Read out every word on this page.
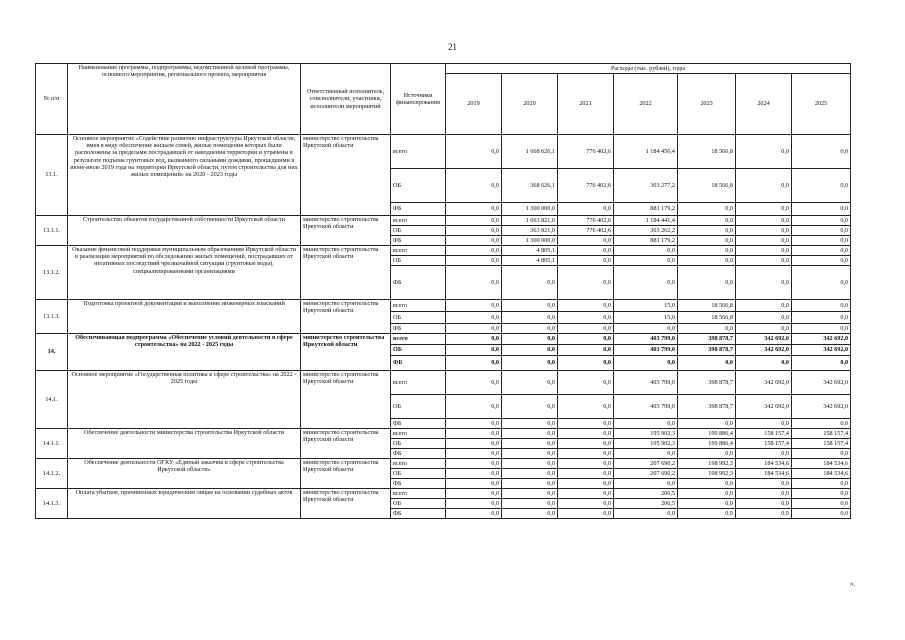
21
№ п/п	Наименование программы, подпрограммы, ведомственной целевой программы, основного мероприятия, регионального проекта, мероприятия	Ответственный исполнитель, соисполнители, участники, исполнители мероприятий	Источники финансирования	Расходы (тыс. рублей), годы						
				2019	2020	2021	2022	2023	2024	2025
13.1.	Основное мероприятие «Содействие развитию инфраструктуры Иркутской области, имея в виду обеспечение жильем семей, жилые помещения которых были расположены за пределами пострадавшей от наводнения территории и утрачены в результате подъема грунтовых вод, вызванного сильными дождями, прошедшими в июне-июле 2019 года на территории Иркутской области, путем строительства для них жилых помещений» на 2020 - 2023 годы	министерство строительства Иркутской области	всего	0,0	1 668 626,1	776 402,6	1 184 456,4	18 566,8	0,0	0,0
			ОБ	0,0	368 626,1	776 402,6	303 277,2	18 566,8	0,0	0,0
			ФБ	0,0	1 300 000,0	0,0	881 179,2	0,0	0,0	0,0
13.1.1.	Строительство объектов государственной собственности Иркутской области	министерство строительства Иркутской области	всего	0,0	1 663 821,0	776 402,6	1 184 441,4	0,0	0,0	0,0
			ОБ	0,0	363 821,0	776 402,6	303 262,2	0,0	0,0	0,0
			ФБ	0,0	1 300 000,0	0,0	881 179,2	0,0	0,0	0,0
13.1.2.	Оказание финансовой поддержки муниципальным образованиям Иркутской области в реализации мероприятий по обследованию жилых помещений, пострадавших от негативных последствий чрезвычайной ситуации (грунтовые воды), специализированными организациями	министерство строительства Иркутской области	всего	0,0	4 805,1	0,0	0,0	0,0	0,0	0,0
			ОБ	0,0	4 805,1	0,0	0,0	0,0	0,0	0,0
			ФБ	0,0	0,0	0,0	0,0	0,0	0,0	0,0
13.1.3.	Подготовка проектной документации и выполнение инженерных изысканий	министерство строительства Иркутской области	всего	0,0	0,0	0,0	15,0	18 566,8	0,0	0,0
			ОБ	0,0	0,0	0,0	15,0	18 566,8	0,0	0,0
			ФБ	0,0	0,0	0,0	0,0	0,0	0,0	0,0
14.	Обеспечивающая подпрограмма «Обеспечение условий деятельности в сфере строительства» на 2022 - 2025 годы	министерство строительства Иркутской области	всего	0,0	0,0	0,0	403 799,0	398 878,7	342 692,0	342 692,0
			ОБ	0,0	0,0	0,0	403 799,0	398 878,7	342 692,0	342 692,0
			ФБ	0,0	0,0	0,0	0,0	0,0	0,0	0,0
14.1.	Основное мероприятие «Государственная политика в сфере строительства» на 2022 - 2025 годы	министерство строительства Иркутской области	всего	0,0	0,0	0,0	403 799,0	398 878,7	342 692,0	342 692,0
			ОБ	0,0	0,0	0,0	403 799,0	398 878,7	342 692,0	342 692,0
			ФБ	0,0	0,0	0,0	0,0	0,0	0,0	0,0
14.1.1.	Обеспечение деятельности министерства строительства Иркутской области	министерство строительства Иркутской области	всего	0,0	0,0	0,0	195 902,3	199 886,4	158 157,4	158 157,4
			ОБ	0,0	0,0	0,0	195 902,3	199 886,4	158 157,4	158 157,4
			ФБ	0,0	0,0	0,0	0,0	0,0	0,0	0,0
14.1.2.	Обеспечение деятельности ОГКУ «Единый заказчик в сфере строительства Иркутской области»	министерство строительства Иркутской области	всего	0,0	0,0	0,0	207 690,2	198 992,3	184 534,6	184 534,6
			ОБ	0,0	0,0	0,0	207 690,2	198 992,3	184 534,6	184 534,6
			ФБ	0,0	0,0	0,0	0,0	0,0	0,0	0,0
14.1.3.	Оплата убытков, причиненных юридическим лицам на основании судебных актов	министерство строительства Иркутской области	всего	0,0	0,0	0,0	206,5	0,0	0,0	0,0
			ОБ	0,0	0,0	0,0	206,5	0,0	0,0	0,0
			ФБ	0,0	0,0	0,0	0,0	0,0	0,0	0,0
».
